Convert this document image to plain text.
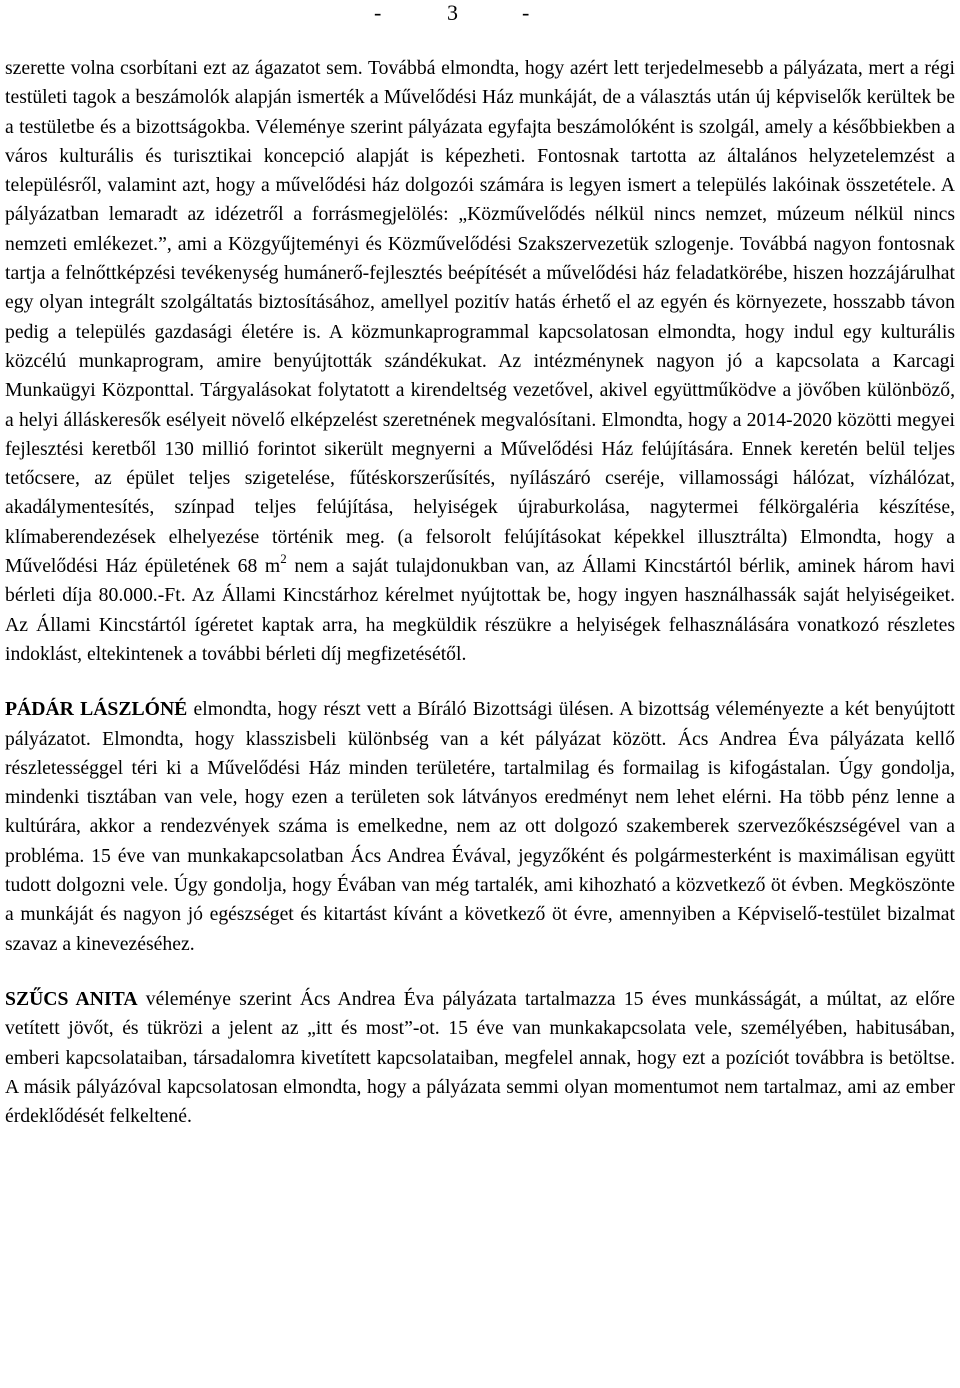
-	3	-

szerette volna csorbítani ezt az ágazatot sem. Továbbá elmondta, hogy azért lett terjedelmesebb a pályázata, mert a régi testületi tagok a beszámolók alapján ismerték a Művelődési Ház munkáját, de a választás után új képviselők kerültek be a testületbe és a bizottságokba. Véleménye szerint pályázata egyfajta beszámolóként is szolgál, amely a későbbiekben a város kulturális és turisztikai koncepció alapját is képezheti. Fontosnak tartotta az általános helyzetelemzést a településről, valamint azt, hogy a művelődési ház dolgozói számára is legyen ismert a település lakóinak összetétele. A pályázatban lemaradt az idézetről a forrásmegjelölés: „Közművelődés nélkül nincs nemzet, múzeum nélkül nincs nemzeti emlékezet.”, ami a Közgyűjteményi és Közművelődési Szakszervezetük szlogenje. Továbbá nagyon fontosnak tartja a felnőttképzési tevékenység humánerő-fejlesztés beépítését a művelődési ház feladatkörébe, hiszen hozzájárulhat egy olyan integrált szolgáltatás biztosításához, amellyel pozitív hatás érhető el az egyén és környezete, hosszabb távon pedig a település gazdasági életére is. A közmunkaprogrammal kapcsolatosan elmondta, hogy indul egy kulturális közcélú munkaprogram, amire benyújtották szándékukat. Az intézménynek nagyon jó a kapcsolata a Karcagi Munkaügyi Központtal. Tárgyalásokat folytatott a kirendeltség vezetővel, akivel együttműködve a jövőben különböző, a helyi álláskeresők esélyeit növelő elképzelést szeretnének megvalósítani. Elmondta, hogy a 2014-2020 közötti megyei fejlesztési keretből 130 millió forintot sikerült megnyerni a Művelődési Ház felújítására. Ennek keretén belül teljes tetőcsere, az épület teljes szigetelése, fűtéskorszerűsítés, nyílászáró cseréje, villamossági hálózat, vízhálózat, akadálymentesítés, színpad teljes felújítása, helyiségek újraburkolása, nagytermei félkörgaléria készítése, klímaberendezések elhelyezése történik meg. (a felsorolt felújításokat képekkel illusztrálta) Elmondta, hogy a Művelődési Ház épületének 68 $m^2$ nem a saját tulajdonukban van, az Állami Kincstártól bérlik, aminek három havi bérleti díja 80.000.-Ft. Az Állami Kincstárhoz kérelmet nyújtottak be, hogy ingyen használhassák saját helyiségeiket. Az Állami Kincstártól ígéretet kaptak arra, ha megküldik részükre a helyiségek felhasználására vonatkozó részletes indoklást, eltekintenek a további bérleti díj megfizetésétől.

PÁDÁR LÁSZLÓNÉ elmondta, hogy részt vett a Bíráló Bizottsági ülésen. A bizottság véleményezte a két benyújtott pályázatot. Elmondta, hogy klasszisbeli különbség van a két pályázat között. Ács Andrea Éva pályázata kellő részletességgel téri ki a Művelődési Ház minden területére, tartalmilag és formailag is kifogástalan. Úgy gondolja, mindenki tisztában van vele, hogy ezen a területen sok látványos eredményt nem lehet elérni. Ha több pénz lenne a kultúrára, akkor a rendezvények száma is emelkedne, nem az ott dolgozó szakemberek szervezőkészségével van a probléma. 15 éve van munkakapcsolatban Ács Andrea Évával, jegyzőként és polgármesterként is maximálisan együtt tudott dolgozni vele. Úgy gondolja, hogy Évában van még tartalék, ami kihozható a közvetkező öt évben. Megköszönte a munkáját és nagyon jó egészséget és kitartást kívánt a következő öt évre, amennyiben a Képviselő-testület bizalmat szavaz a kinevezéséhez.

SZŰCS ANITA véleménye szerint Ács Andrea Éva pályázata tartalmazza 15 éves munkásságát, a múltat, az előre vetített jövőt, és tükrözi a jelent az „itt és most”-ot. 15 éve van munkakapcsolata vele, személyében, habitusában, emberi kapcsolataiban, társadalomra kivetített kapcsolataiban, megfelel annak, hogy ezt a pozíciót továbbra is betöltse. A másik pályázóval kapcsolatosan elmondta, hogy a pályázata semmi olyan momentumot nem tartalmaz, ami az ember érdeklődését felkeltené.
